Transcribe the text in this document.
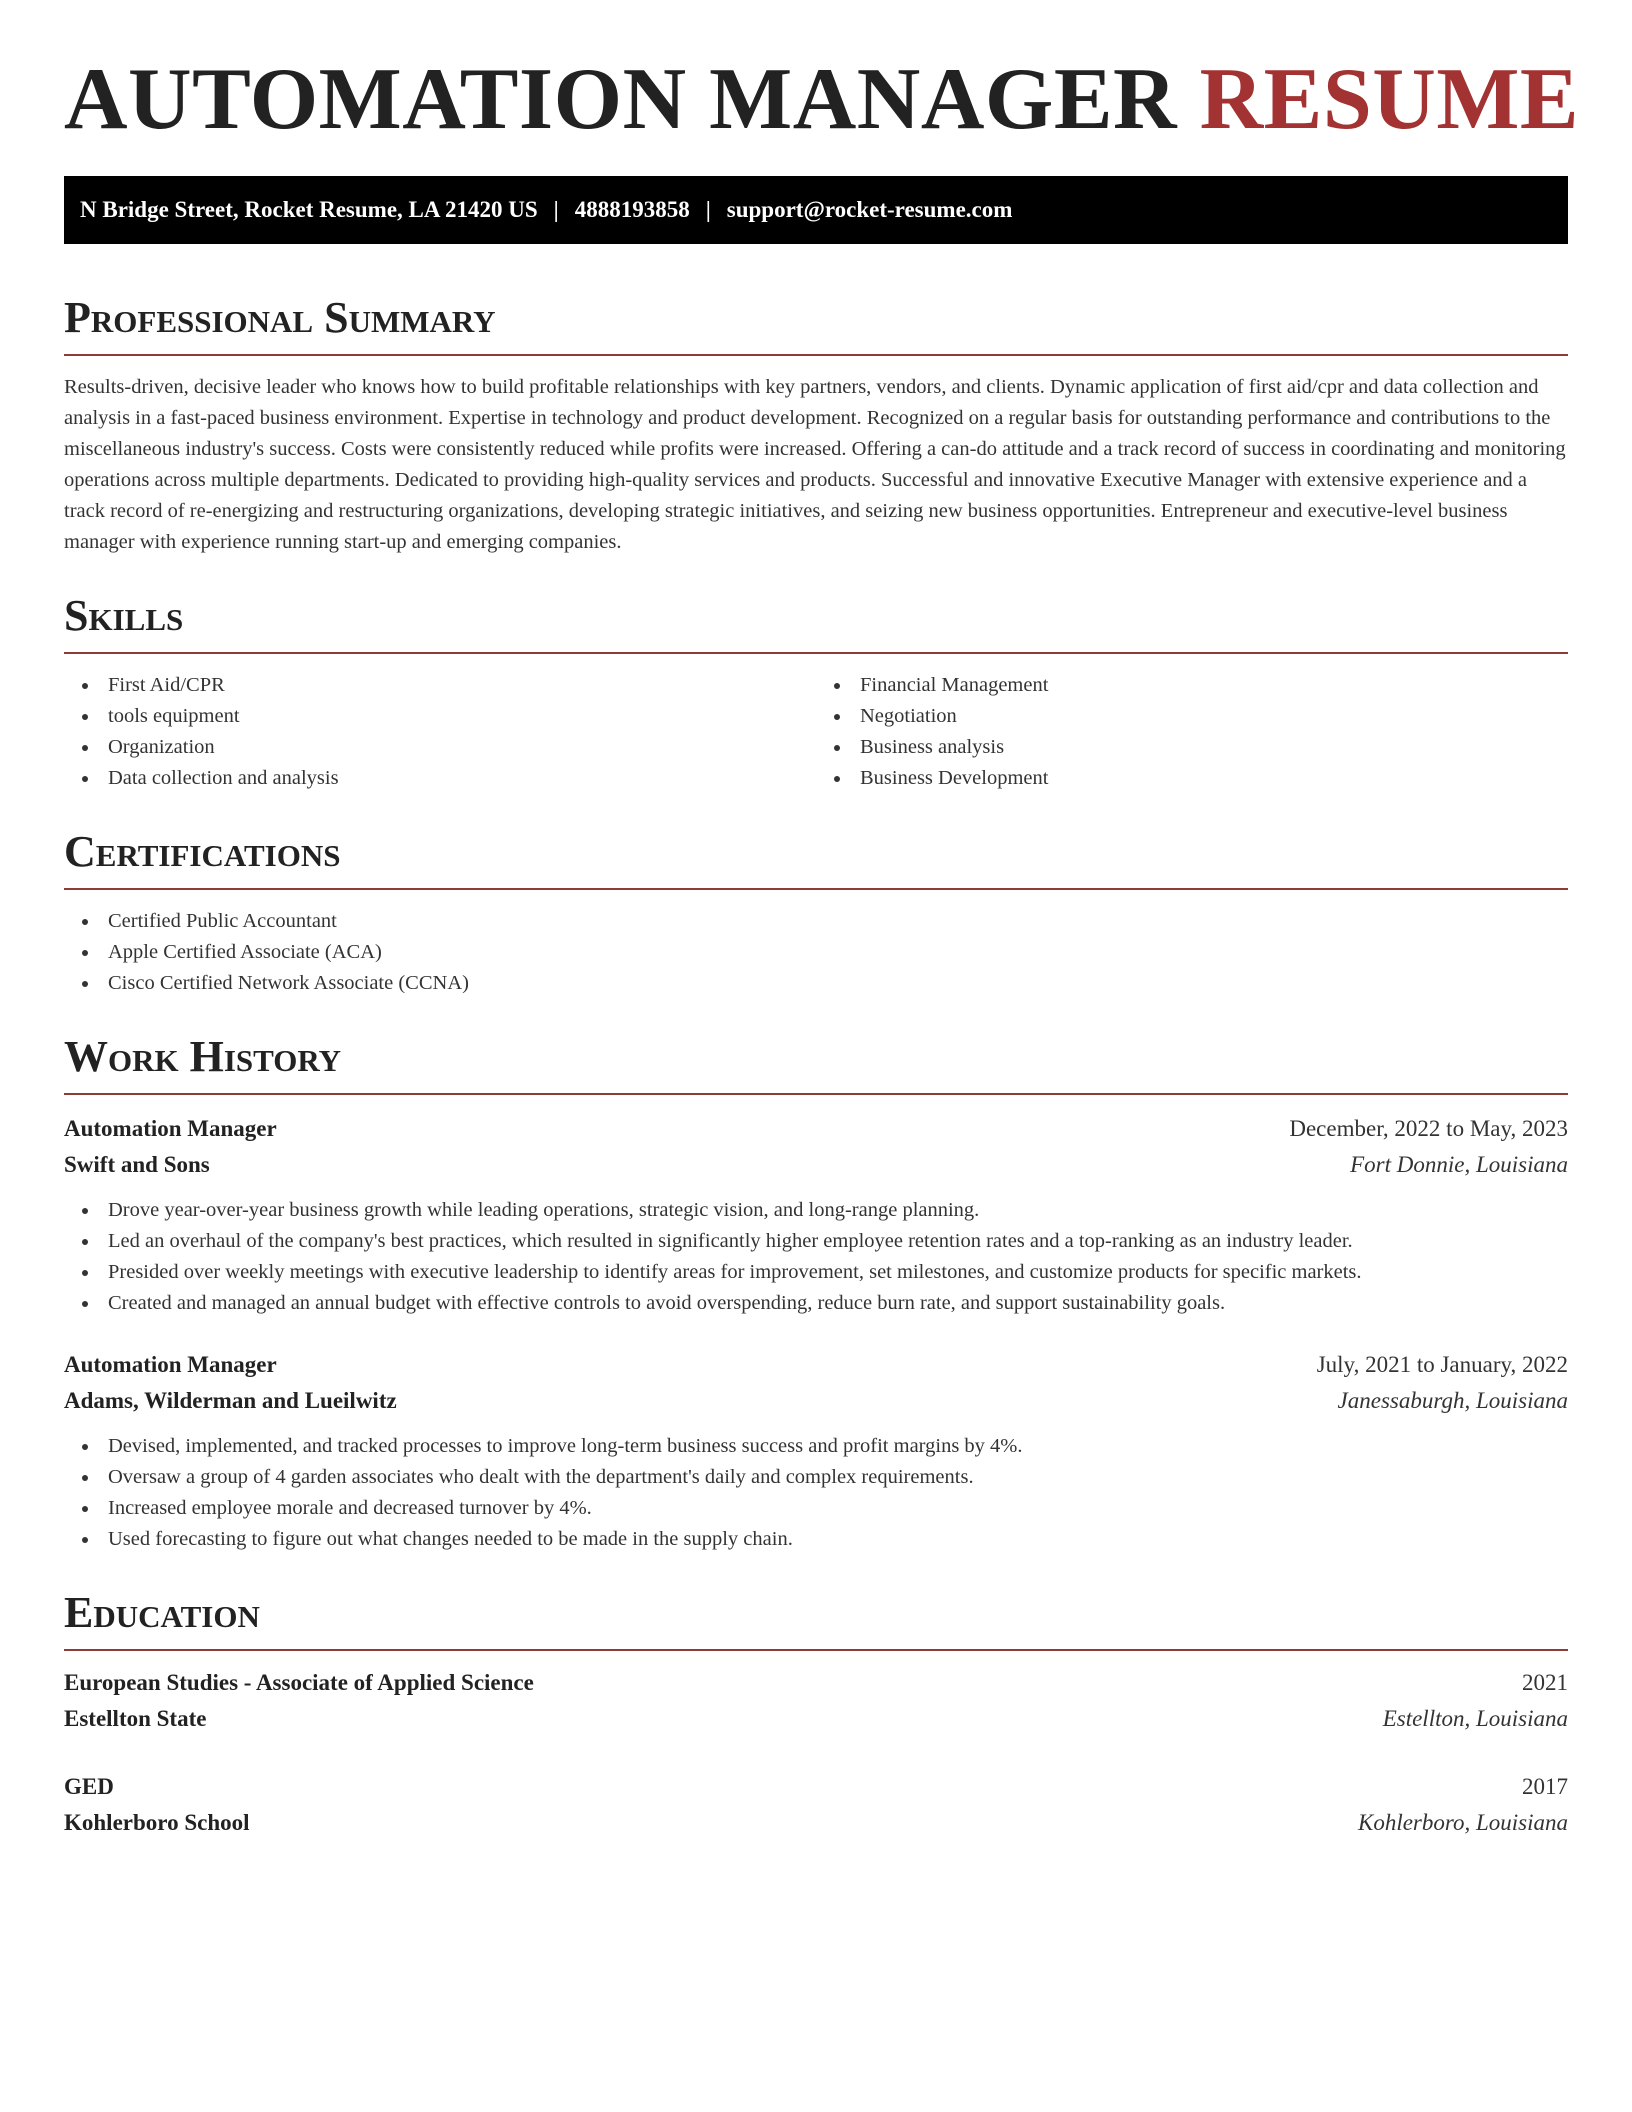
AUTOMATION MANAGER RESUME
N Bridge Street, Rocket Resume, LA 21420 US | 4888193858 | support@rocket-resume.com
Professional Summary

Results-driven, decisive leader who knows how to build profitable relationships with key partners, vendors, and clients. Dynamic application of first aid/cpr and data collection and analysis in a fast-paced business environment. Expertise in technology and product development. Recognized on a regular basis for outstanding performance and contributions to the miscellaneous industry's success. Costs were consistently reduced while profits were increased. Offering a can-do attitude and a track record of success in coordinating and monitoring operations across multiple departments. Dedicated to providing high-quality services and products. Successful and innovative Executive Manager with extensive experience and a track record of re-energizing and restructuring organizations, developing strategic initiatives, and seizing new business opportunities. Entrepreneur and executive-level business manager with experience running start-up and emerging companies.

Skills
First Aid/CPR
tools equipment
Organization
Data collection and analysis
Financial Management
Negotiation
Business analysis
Business Development
Certifications
Certified Public Accountant
Apple Certified Associate (ACA)
Cisco Certified Network Associate (CCNA)
Work History
Automation Manager	December, 2022 to May, 2023
Swift and Sons	Fort Donnie, Louisiana
Drove year-over-year business growth while leading operations, strategic vision, and long-range planning.
Led an overhaul of the company's best practices, which resulted in significantly higher employee retention rates and a top-ranking as an industry leader.
Presided over weekly meetings with executive leadership to identify areas for improvement, set milestones, and customize products for specific markets.
Created and managed an annual budget with effective controls to avoid overspending, reduce burn rate, and support sustainability goals.
Automation Manager	July, 2021 to January, 2022
Adams, Wilderman and Lueilwitz	Janessaburgh, Louisiana
Devised, implemented, and tracked processes to improve long-term business success and profit margins by 4%.
Oversaw a group of 4 garden associates who dealt with the department's daily and complex requirements.
Increased employee morale and decreased turnover by 4%.
Used forecasting to figure out what changes needed to be made in the supply chain.
Education
European Studies - Associate of Applied Science	2021
Estellton State	Estellton, Louisiana
GED	2017
Kohlerboro School	Kohlerboro, Louisiana
